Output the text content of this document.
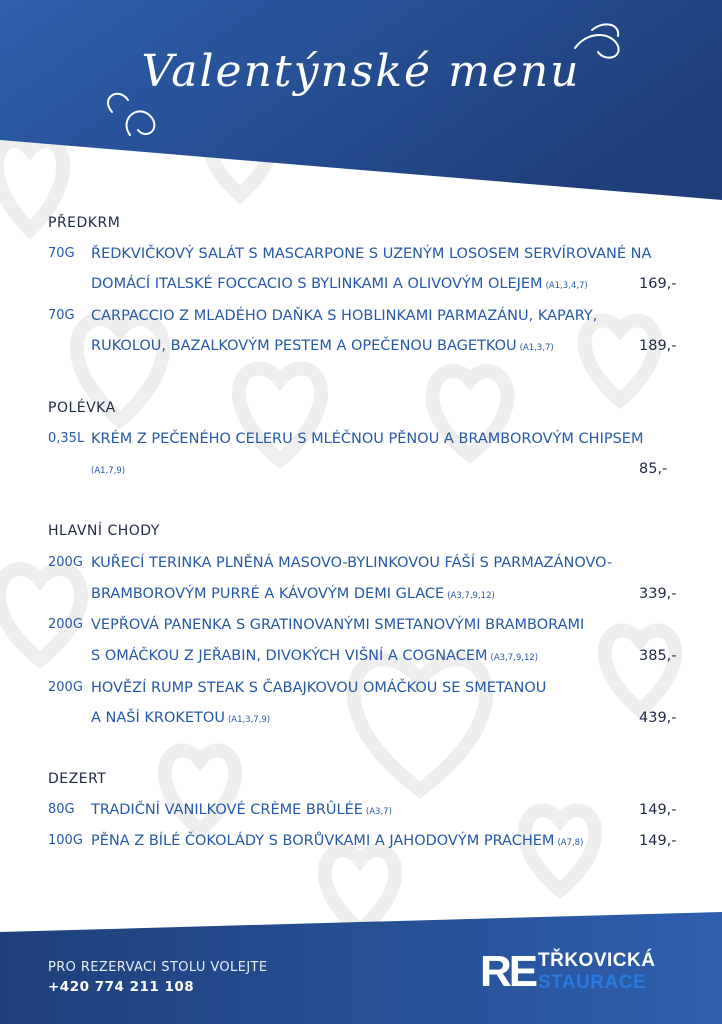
Valentýnské menu
PŘEDKRM
70G ŘEDKVIČKOVÝ SALÁT S MASCARPONE S UZENÝM LOSOSEM SERVÍROVANÉ NA
DOMÁCÍ ITALSKÉ FOCCACIO S BYLINKAMI A OLIVOVÝM OLEJEM (A1,3,4,7)	169,-
70G CARPACCIO Z MLADÉHO DAŇKA S HOBLINKAMI PARMAZÁNU, KAPARY,
RUKOLOU, BAZALKOVÝM PESTEM A OPEČENOU BAGETKOU (A1,3,7)	189,-
POLÉVKA
0,35L KRÉM Z PEČENÉHO CELERU S MLÉČNOU PĚNOU A BRAMBOROVÝM CHIPSEM
(A1,7,9)	85,-
HLAVNÍ CHODY
200G KUŘECÍ TERINKA PLNĚNÁ MASOVO-BYLINKOVOU FÁŠÍ S PARMAZÁNOVO-
BRAMBOROVÝM PURRÉ A KÁVOVÝM DEMI GLACE (A3,7,9,12)	339,-
200G VEPŘOVÁ PANENKA S GRATINOVANÝMI SMETANOVÝMI BRAMBORAMI
S OMÁČKOU Z JEŘABIN, DIVOKÝCH VIŠNÍ A COGNACEM (A3,7,9,12)	385,-
200G HOVĚZÍ RUMP STEAK S ČABAJKOVOU OMÁČKOU SE SMETANOU
A NAŠÍ KROKETOU (A1,3,7,9)	439,-
DEZERT
80G TRADIČNÍ VANILKOVÉ CRÈME BRÛLÉE (A3,7)	149,-
100G PĚNA Z BÍLÉ ČOKOLÁDY S BORŮVKAMI A JAHODOVÝM PRACHEM (A7,8)	149,-
PRO REZERVACI STOLU VOLEJTE
+420 774 211 108	RE TŘKOVICKÁ
STAURACE
